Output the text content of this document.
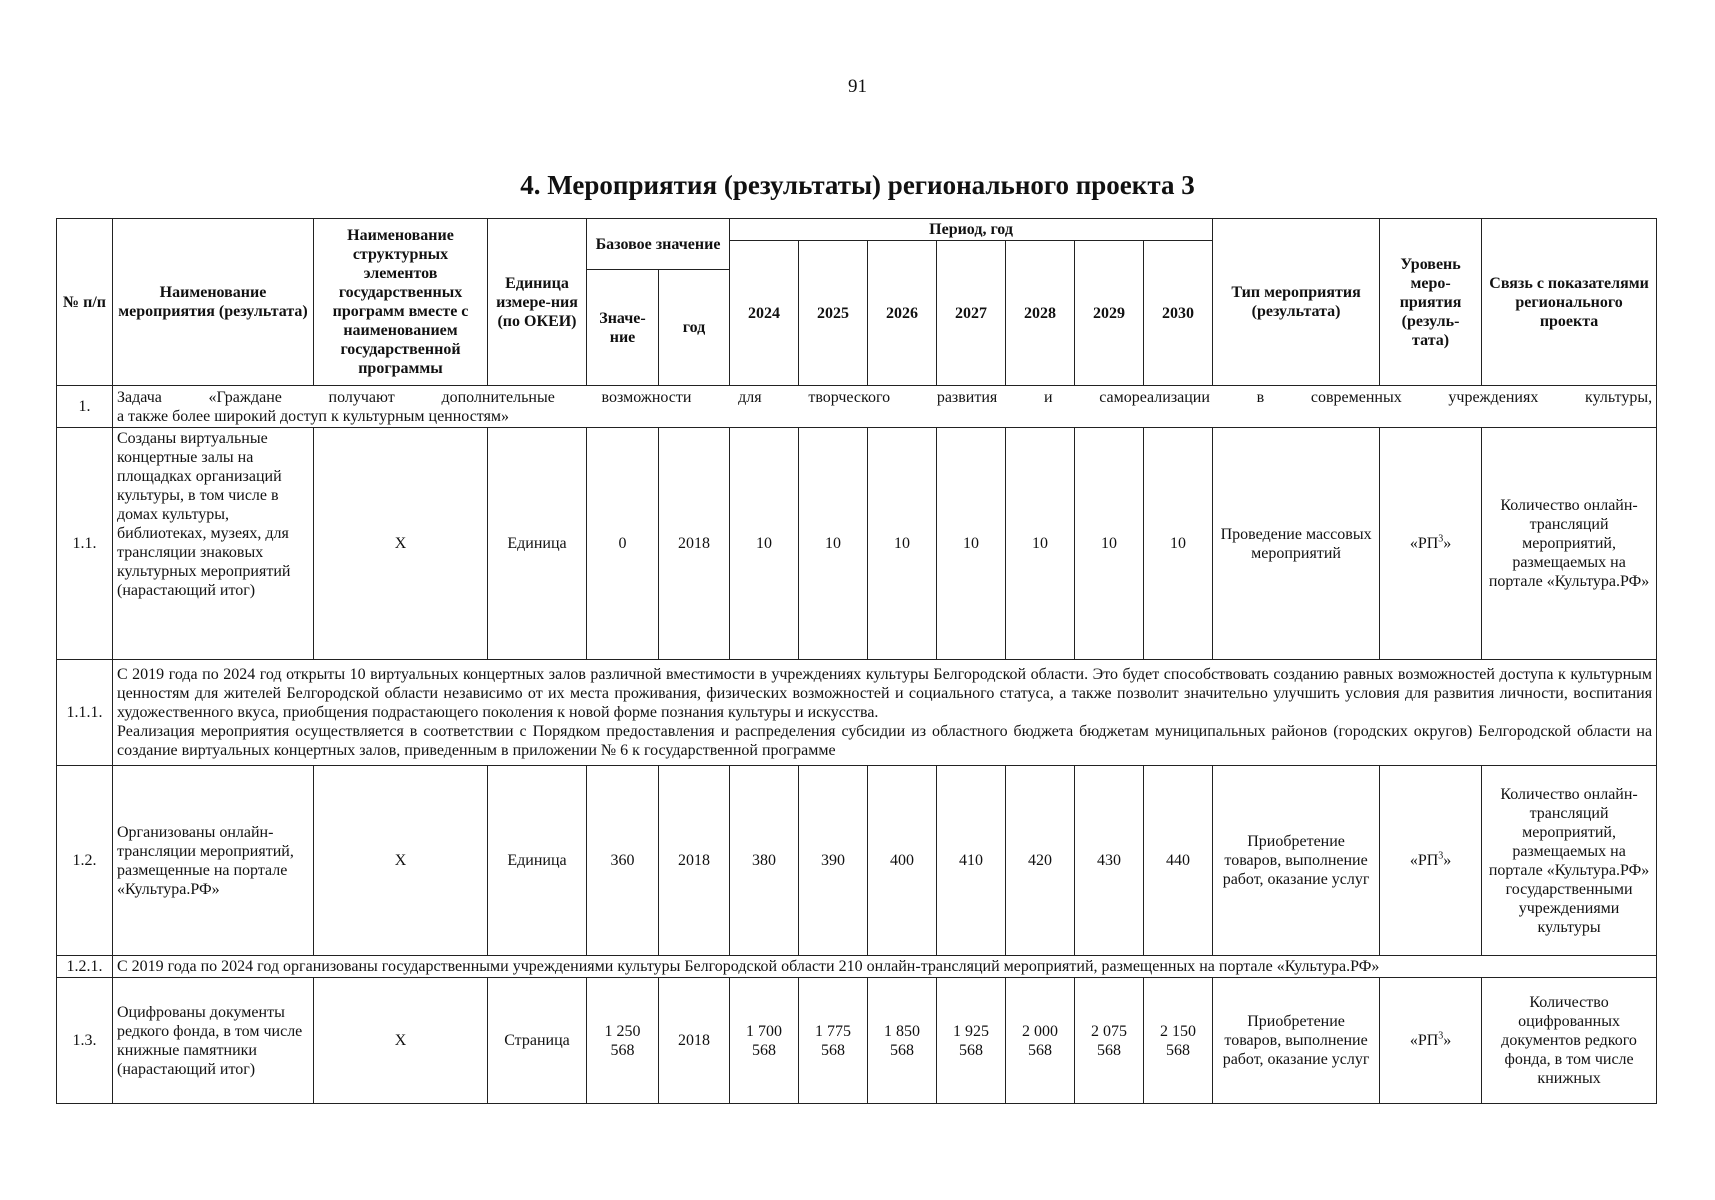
91
4. Мероприятия (результаты) регионального проекта 3
№ п/п	Наименование мероприятия (результата)	Наименование структурных элементов государственных программ вместе с наименованием государственной программы	Единица измере-ния (по ОКЕИ)	Базовое значение		Период, год							Тип мероприятия (результата)	Уровень меро-приятия (резуль-тата)	Связь с показателями регионального проекта
						2024	2025	2026	2027	2028	2029	2030			
				Значе-ние	год										
1.	Задача «Граждане получают дополнительные возможности для творческого развития и самореализации в современных учреждениях культуры,
а также более широкий доступ к культурным ценностям»														

1.1.	Созданы виртуальные концертные залы на площадках организаций культуры, в том числе в домах культуры, библиотеках, музеях, для трансляции знаковых культурных мероприятий (нарастающий итог)	X	Единица	0	2018	10	10	10	10	10	10	10	Проведение массовых мероприятий	«$РП^3$»	Количество онлайн-трансляций мероприятий, размещаемых на портале «Культура.РФ»
1.1.1.	С 2019 года по 2024 год открыты 10 виртуальных концертных залов различной вместимости в учреждениях культуры Белгородской области. Это будет способствовать созданию равных возможностей доступа к культурным ценностям для жителей Белгородской области независимо от их места проживания, физических возможностей и социального статуса, а также позволит значительно улучшить условия для развития личности, воспитания художественного вкуса, приобщения подрастающего поколения к новой форме познания культуры и искусства.
Реализация мероприятия осуществляется в соответствии с Порядком предоставления и распределения субсидии из областного бюджета бюджетам муниципальных районов (городских округов) Белгородской области на создание виртуальных концертных залов, приведенным в приложении № 6 к государственной программе														

1.2.	Организованы онлайн-трансляции мероприятий, размещенные на портале «Культура.РФ»	X	Единица	360	2018	380	390	400	410	420	430	440	Приобретение товаров, выполнение работ, оказание услуг	«$РП^3$»	Количество онлайн-трансляций мероприятий, размещаемых на портале «Культура.РФ» государственными учреждениями культуры
1.2.1.	С 2019 года по 2024 год организованы государственными учреждениями культуры Белгородской области 210 онлайн-трансляций мероприятий, размещенных на портале «Культура.РФ»														
1.3.	Оцифрованы документы редкого фонда, в том числе книжные памятники (нарастающий итог)	X	Страница	1 250 568	2018	1 700 568	1 775 568	1 850 568	1 925 568	2 000 568	2 075 568	2 150 568	Приобретение товаров, выполнение работ, оказание услуг	«$РП^3$»	Количество оцифрованных документов редкого фонда, в том числе книжных
